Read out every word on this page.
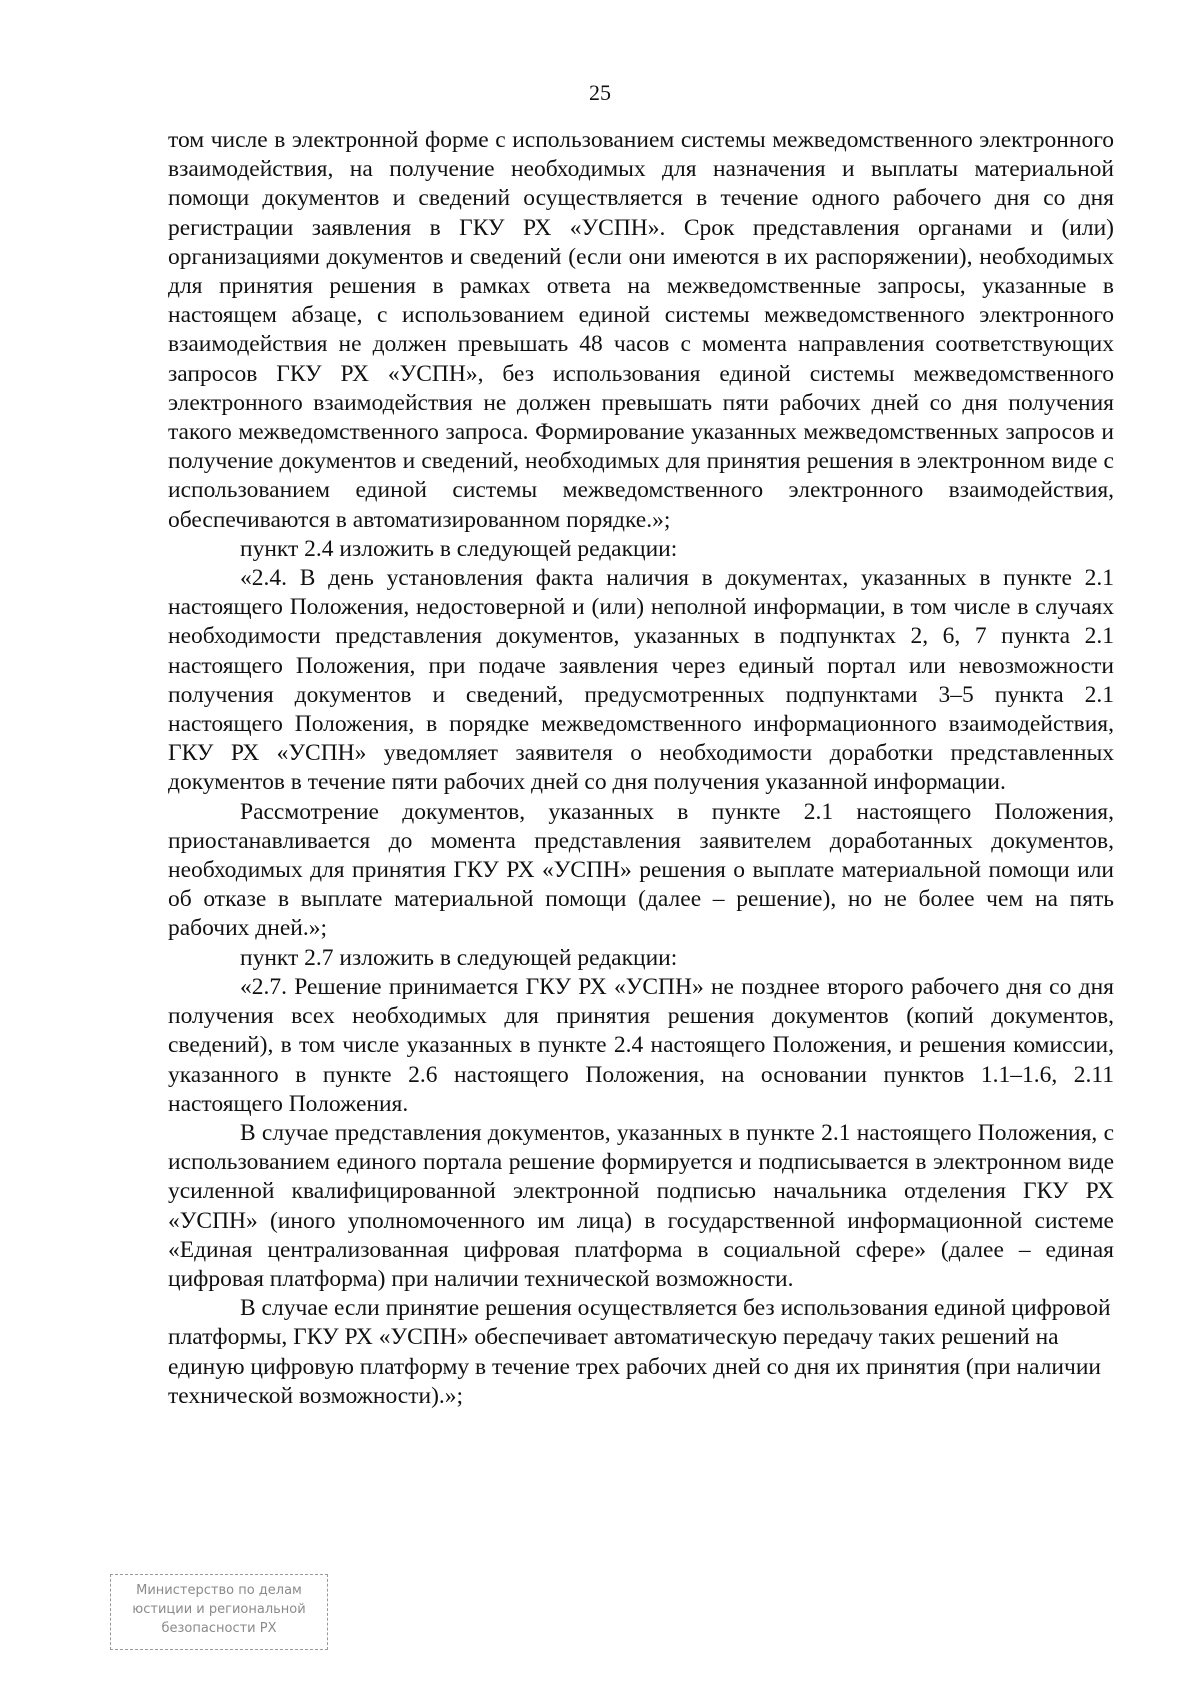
25

том числе в электронной форме с использованием системы межведомственного электронного взаимодействия, на получение необходимых для назначения и выплаты материальной помощи документов и сведений осуществляется в течение одного рабочего дня со дня регистрации заявления в ГКУ РХ «УСПН». Срок представления органами и (или) организациями документов и сведений (если они имеются в их распоряжении), необходимых для принятия решения в рамках ответа на межведомственные запросы, указанные в настоящем абзаце, с использованием единой системы межведомственного электронного взаимодействия не должен превышать 48 часов с момента направления соответствующих запросов ГКУ РХ «УСПН», без использования единой системы межведомственного электронного взаимодействия не должен превышать пяти рабочих дней со дня получения такого межведомственного запроса. Формирование указанных межведомственных запросов и получение документов и сведений, необходимых для принятия решения в электронном виде с использованием единой системы межведомственного электронного взаимодействия, обеспечиваются в автоматизированном порядке.»;

пункт 2.4 изложить в следующей редакции:

«2.4. В день установления факта наличия в документах, указанных в пункте 2.1 настоящего Положения, недостоверной и (или) неполной информации, в том числе в случаях необходимости представления документов, указанных в подпунктах 2, 6, 7 пункта 2.1 настоящего Положения, при подаче заявления через единый портал или невозможности получения документов и сведений, предусмотренных подпунктами 3–5 пункта 2.1 настоящего Положения, в порядке межведомственного информационного взаимодействия, ГКУ РХ «УСПН» уведомляет заявителя о необходимости доработки представленных документов в течение пяти рабочих дней со дня получения указанной информации.

Рассмотрение документов, указанных в пункте 2.1 настоящего Положения, приостанавливается до момента представления заявителем доработанных документов, необходимых для принятия ГКУ РХ «УСПН» решения о выплате материальной помощи или об отказе в выплате материальной помощи (далее – решение), но не более чем на пять рабочих дней.»;

пункт 2.7 изложить в следующей редакции:

«2.7. Решение принимается ГКУ РХ «УСПН» не позднее второго рабочего дня со дня получения всех необходимых для принятия решения документов (копий документов, сведений), в том числе указанных в пункте 2.4 настоящего Положения, и решения комиссии, указанного в пункте 2.6 настоящего Положения, на основании пунктов 1.1–1.6, 2.11 настоящего Положения.

В случае представления документов, указанных в пункте 2.1 настоящего Положения, с использованием единого портала решение формируется и подписывается в электронном виде усиленной квалифицированной электронной подписью начальника отделения ГКУ РХ «УСПН» (иного уполномоченного им лица) в государственной информационной системе «Единая централизованная цифровая платформа в социальной сфере» (далее – единая цифровая платформа) при наличии технической возможности.

В случае если принятие решения осуществляется без использования единой цифровой платформы, ГКУ РХ «УСПН» обеспечивает автоматическую передачу таких решений на единую цифровую платформу в течение трех рабочих дней со дня их принятия (при наличии технической возможности).»;

Министерство по делам
юстиции и региональной
безопасности РХ
